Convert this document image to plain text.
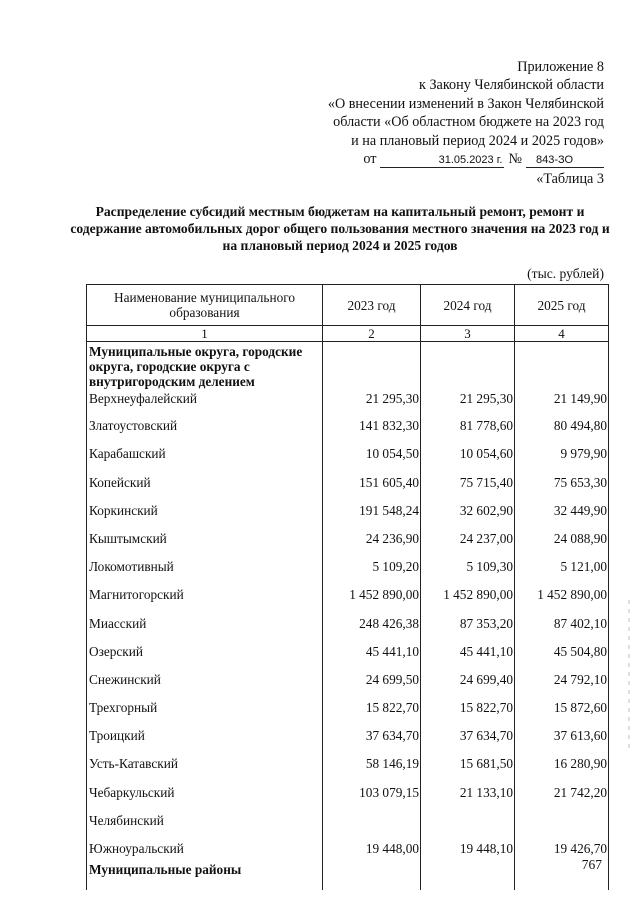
Приложение 8
к Закону Челябинской области
«О внесении изменений в Закон Челябинской
области «Об областном бюджете на 2023 год
и на плановый период 2024 и 2025 годов»
от	31.05.2023 г. №	843-ЗО
«Таблица 3
Распределение субсидий местным бюджетам на капитальный ремонт, ремонт и содержание автомобильных дорог общего пользования местного значения на 2023 год и на плановый период 2024 и 2025 годов
(тыс. рублей)
Наименование муниципального образования	2023 год	2024 год	2025 год
1	2	3	4
Муниципальные округа, городские округа, городские округа с внутригородским делением			
Верхнеуфалейский	21 295,30	21 295,30	21 149,90
Златоустовский	141 832,30	81 778,60	80 494,80
Карабашский	10 054,50	10 054,60	9 979,90
Копейский	151 605,40	75 715,40	75 653,30
Коркинский	191 548,24	32 602,90	32 449,90
Кыштымский	24 236,90	24 237,00	24 088,90
Локомотивный	5 109,20	5 109,30	5 121,00
Магнитогорский	1 452 890,00	1 452 890,00	1 452 890,00
Миасский	248 426,38	87 353,20	87 402,10
Озерский	45 441,10	45 441,10	45 504,80
Снежинский	24 699,50	24 699,40	24 792,10
Трехгорный	15 822,70	15 822,70	15 872,60
Троицкий	37 634,70	37 634,70	37 613,60
Усть-Катавский	58 146,19	15 681,50	16 280,90
Чебаркульский	103 079,15	21 133,10	21 742,20
Челябинский			
Южноуральский	19 448,00	19 448,10	19 426,70
Муниципальные районы				767
